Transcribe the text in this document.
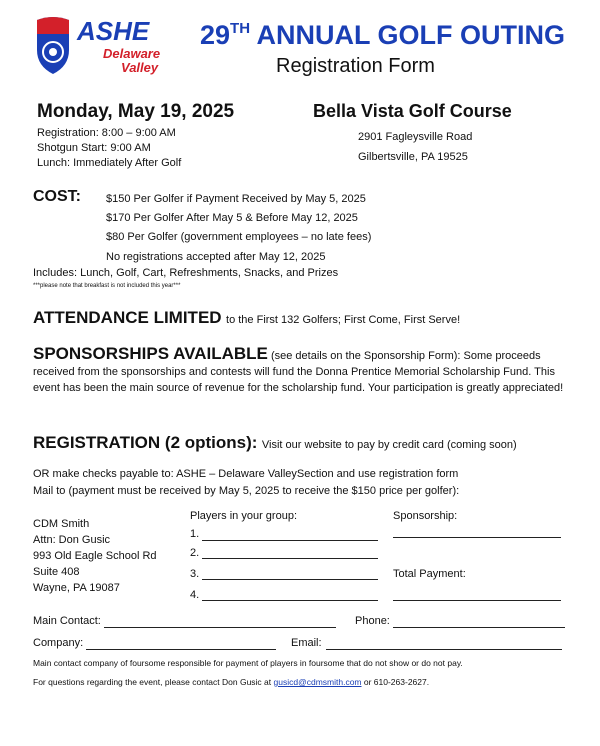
ASHE
Delaware
Valley
29TH ANNUAL GOLF OUTING
Registration Form
Monday, May 19, 2025
Registration: 8:00 – 9:00 AM
Shotgun Start: 9:00 AM
Lunch: Immediately After Golf
Bella Vista Golf Course
2901 Fagleysville Road
Gilbertsville, PA 19525
COST: $150 Per Golfer if Payment Received by May 5, 2025
$170 Per Golfer After May 5 & Before May 12, 2025
$80 Per Golfer (government employees – no late fees)
No registrations accepted after May 12, 2025
Includes: Lunch, Golf, Cart, Refreshments, Snacks, and Prizes
***please note that breakfast is not included this year***
ATTENDANCE LIMITED to the First 132 Golfers; First Come, First Serve!
SPONSORSHIPS AVAILABLE (see details on the Sponsorship Form): Some proceeds received from the sponsorships and contests will fund the Donna Prentice Memorial Scholarship Fund. This event has been the main source of revenue for the scholarship fund. Your participation is greatly appreciated!
REGISTRATION (2 options): Visit our website to pay by credit card (coming soon)
OR make checks payable to: ASHE – Delaware ValleySection and use registration form
Mail to (payment must be received by May 5, 2025 to receive the $150 price per golfer):
CDM Smith
Attn: Don Gusic
993 Old Eagle School Rd
Suite 408
Wayne, PA 19087
Players in your group:
1.
2.
3.
4.
Sponsorship:
Total Payment:
Main Contact:	Phone:
Company:	Email:
Main contact company of foursome responsible for payment of players in foursome that do not show or do not pay.
For questions regarding the event, please contact Don Gusic at gusicd@cdmsmith.com or 610-263-2627.
